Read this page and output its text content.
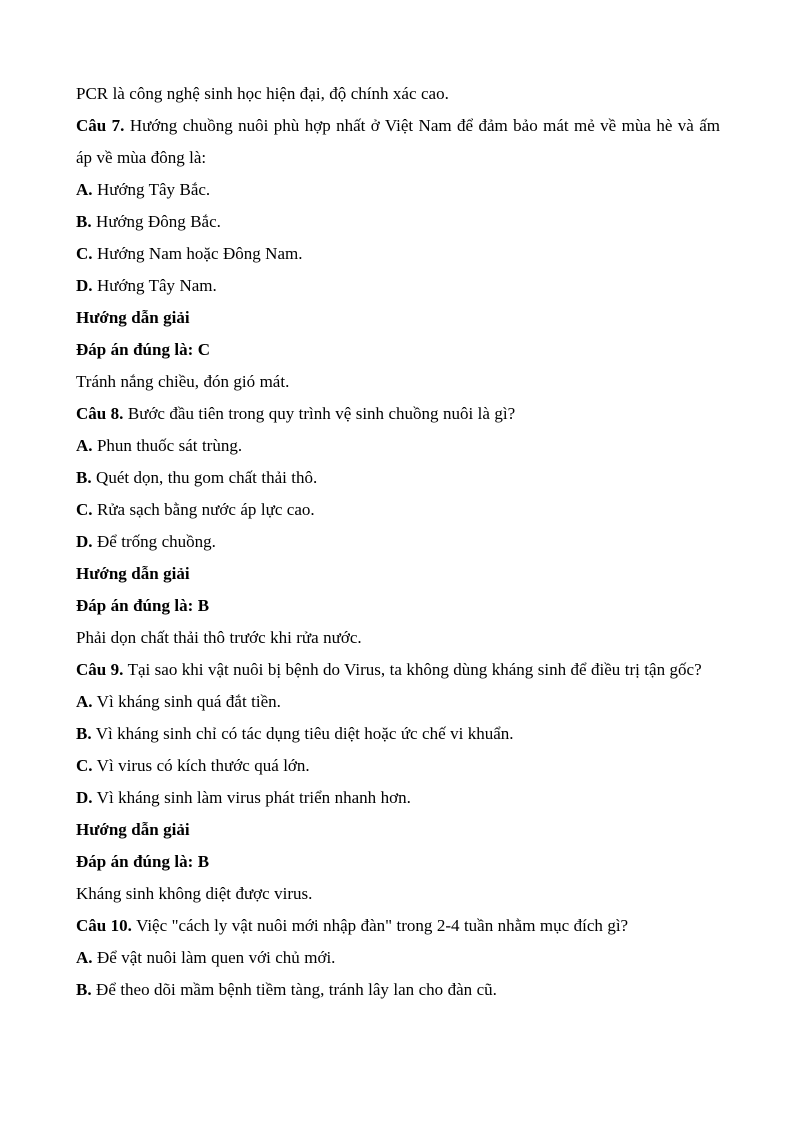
PCR là công nghệ sinh học hiện đại, độ chính xác cao.

Câu 7. Hướng chuồng nuôi phù hợp nhất ở Việt Nam để đảm bảo mát mẻ về mùa hè và ấm áp về mùa đông là:

A. Hướng Tây Bắc.

B. Hướng Đông Bắc.

C. Hướng Nam hoặc Đông Nam.

D. Hướng Tây Nam.

Hướng dẫn giải

Đáp án đúng là: C

Tránh nắng chiều, đón gió mát.

Câu 8. Bước đầu tiên trong quy trình vệ sinh chuồng nuôi là gì?

A. Phun thuốc sát trùng.

B. Quét dọn, thu gom chất thải thô.

C. Rửa sạch bằng nước áp lực cao.

D. Để trống chuồng.

Hướng dẫn giải

Đáp án đúng là: B

Phải dọn chất thải thô trước khi rửa nước.

Câu 9. Tại sao khi vật nuôi bị bệnh do Virus, ta không dùng kháng sinh để điều trị tận gốc?

A. Vì kháng sinh quá đắt tiền.

B. Vì kháng sinh chỉ có tác dụng tiêu diệt hoặc ức chế vi khuẩn.

C. Vì virus có kích thước quá lớn.

D. Vì kháng sinh làm virus phát triển nhanh hơn.

Hướng dẫn giải

Đáp án đúng là: B

Kháng sinh không diệt được virus.

Câu 10. Việc "cách ly vật nuôi mới nhập đàn" trong 2-4 tuần nhằm mục đích gì?

A. Để vật nuôi làm quen với chủ mới.

B. Để theo dõi mầm bệnh tiềm tàng, tránh lây lan cho đàn cũ.
